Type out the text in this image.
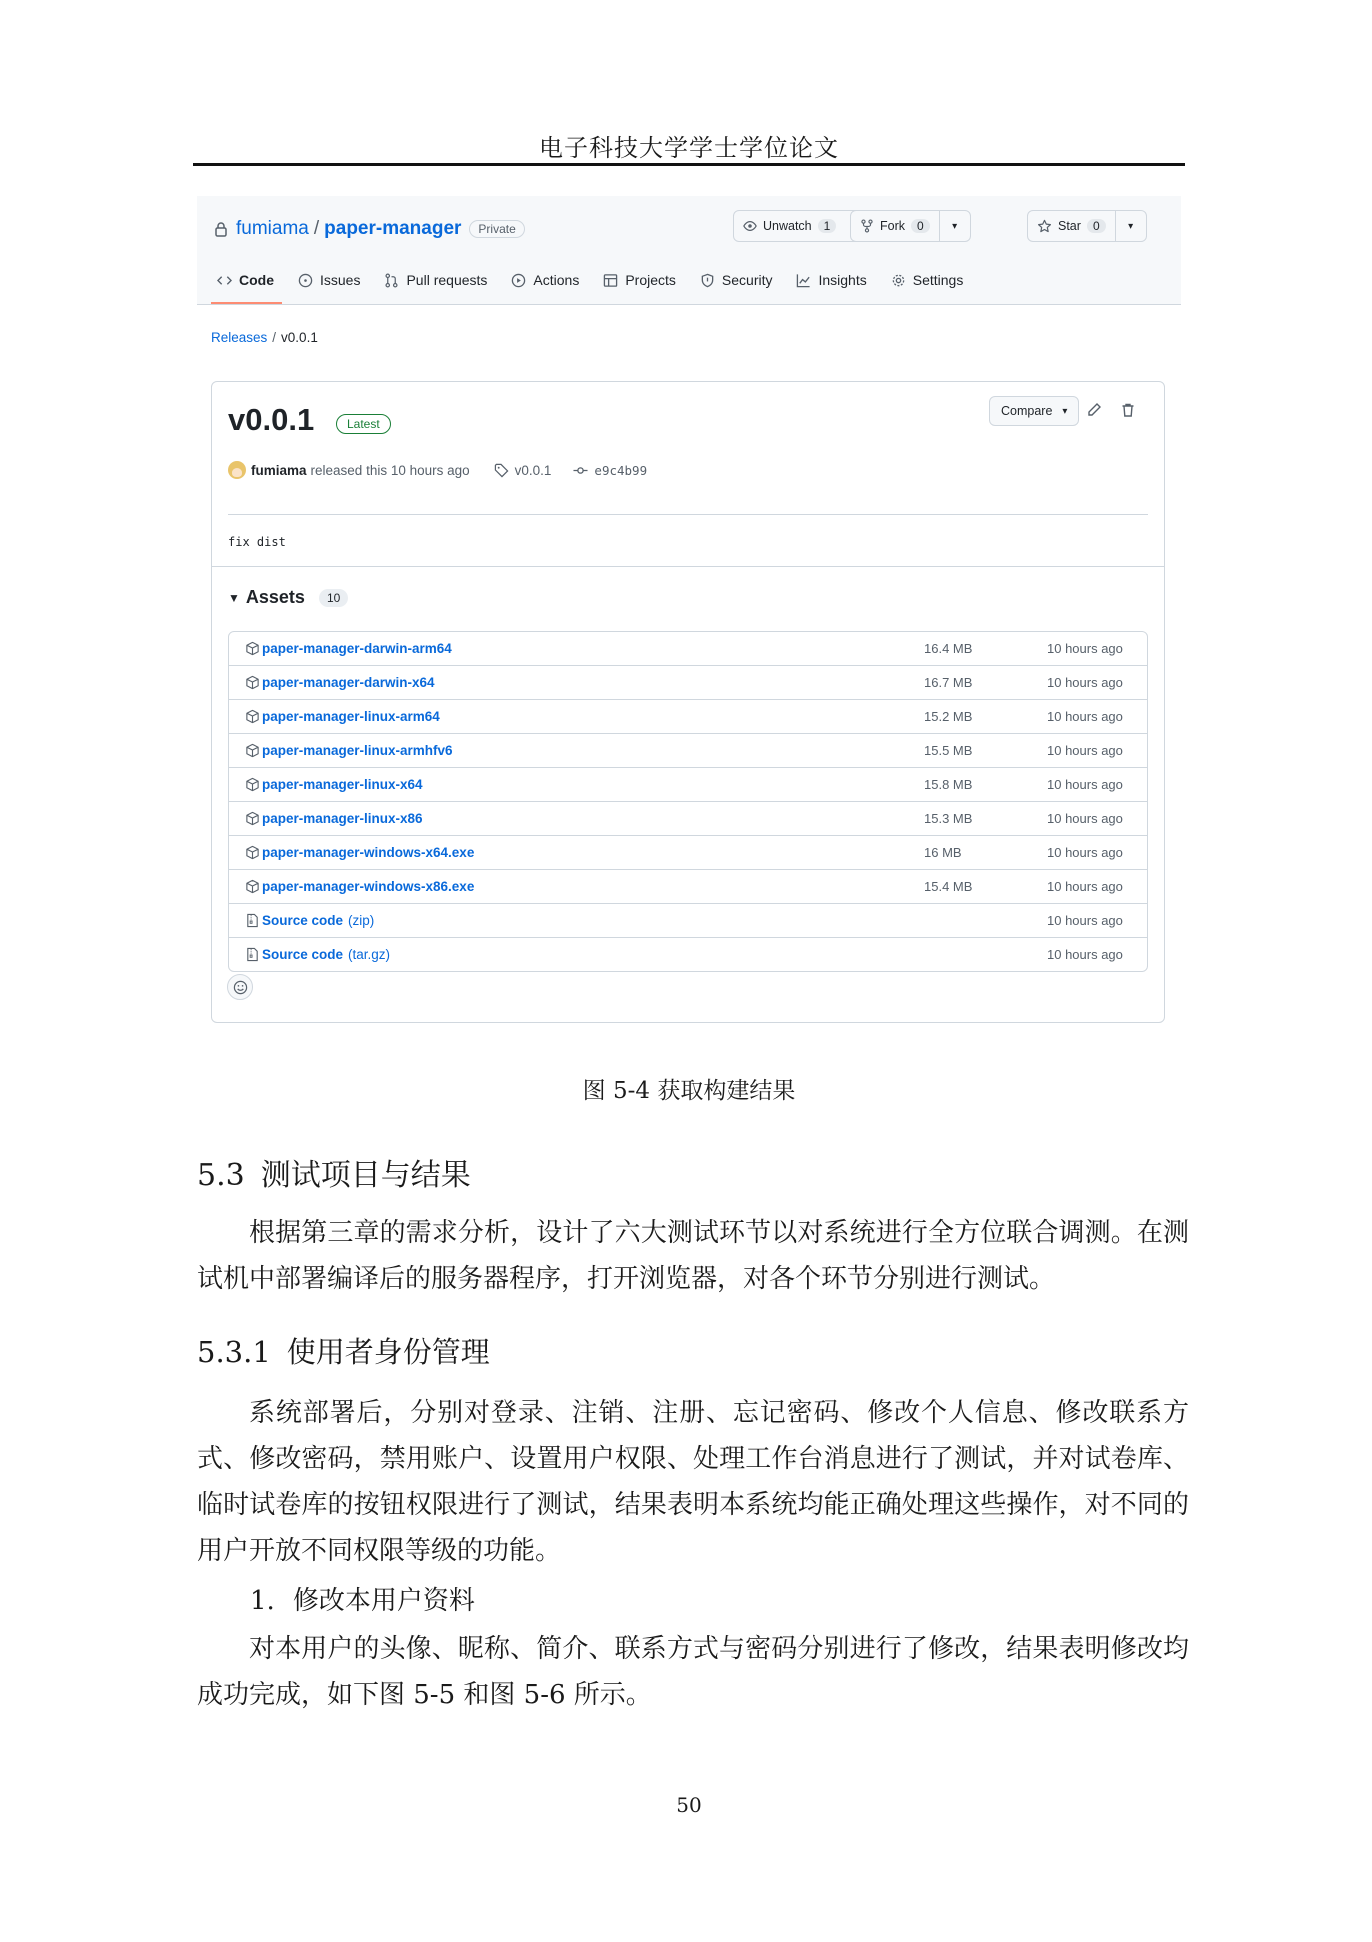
电子科技大学学士学位论文
fumiama / paper-manager	Private	Unwatch	1	Fork	0	▾	Star	0	▾
Code	Issues	Pull requests	Actions	Projects	Security	Insights	Settings
Releases / v0.0.1
v0.0.1	Latest
Compare ▾
fumiama released this 10 hours ago	v0.0.1	e9c4b99
fix dist
▼ Assets	10
paper-manager-darwin-arm64	16.4 MB	10 hours ago
paper-manager-darwin-x64	16.7 MB	10 hours ago
paper-manager-linux-arm64	15.2 MB	10 hours ago
paper-manager-linux-armhfv6	15.5 MB	10 hours ago
paper-manager-linux-x64	15.8 MB	10 hours ago
paper-manager-linux-x86	15.3 MB	10 hours ago
paper-manager-windows-x64.exe	16 MB	10 hours ago
paper-manager-windows-x86.exe	15.4 MB	10 hours ago
Source code (zip)	10 hours ago
Source code (tar.gz)	10 hours ago
图 5-4 获取构建结果
5.3 测试项目与结果
根据第三章的需求分析，设计了六大测试环节以对系统进行全方位联合调测。在测试机中部署编译后的服务器程序，打开浏览器，对各个环节分别进行测试。
5.3.1 使用者身份管理
系统部署后，分别对登录、注销、注册、忘记密码、修改个人信息、修改联系方式、修改密码，禁用账户、设置用户权限、处理工作台消息进行了测试，并对试卷库、临时试卷库的按钮权限进行了测试，结果表明本系统均能正确处理这些操作，对不同的用户开放不同权限等级的功能。
1. 修改本用户资料
对本用户的头像、昵称、简介、联系方式与密码分别进行了修改，结果表明修改均成功完成，如下图 5-5 和图 5-6 所示。
50
